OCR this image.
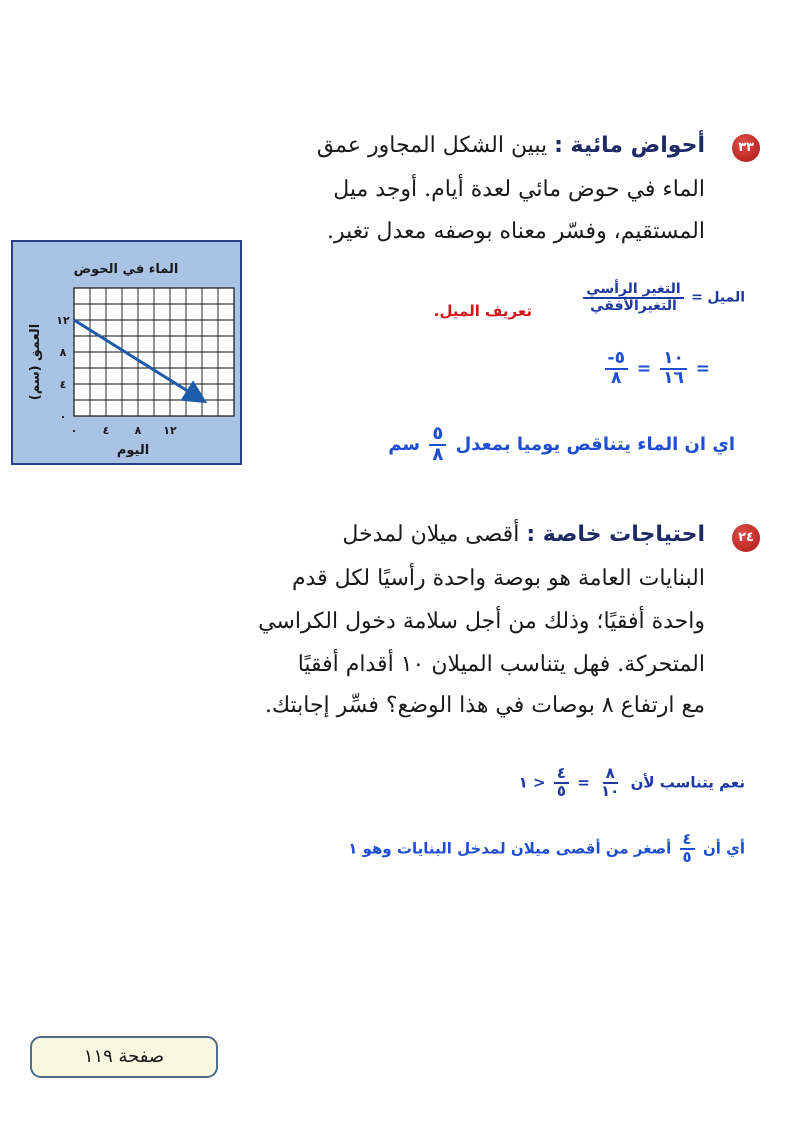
٣٣
أحواض مائية : يبين الشكل المجاور عمق
الماء في حوض مائي لعدة أيام. أوجد ميل
المستقيم، وفسّر معناه بوصفه معدل تغير.
الماء في الحوض
اليوم
العمق (سم)
٠ ٤ ٨ ١٢
٠
٤
٨
١٢
الميل =
$\frac{\text{التغير الرأسي}}{\text{التغيرالأفقي}}$
تعريف الميل.
=
$\frac{١٠}{١٦}$
=
$\frac{٥-}{٨}$
اي ان الماء يتناقص يوميا بمعدل
$\frac{٥}{٨}$
سم
٢٤
احتياجات خاصة : أقصى ميلان لمدخل
البنايات العامة هو بوصة واحدة رأسيًا لكل قدم
واحدة أفقيًا؛ وذلك من أجل سلامة دخول الكراسي
المتحركة. فهل يتناسب الميلان ١٠ أقدام أفقيًا
مع ارتفاع ٨ بوصات في هذا الوضع؟ فسِّر إجابتك.
نعم يتناسب لأن
$\frac{٨}{١٠}$
=
$\frac{٤}{٥}$
< ١
أي أن
$\frac{٤}{٥}$
أصغر من أقصى ميلان لمدخل البنايات وهو ١
صفحة ١١٩
